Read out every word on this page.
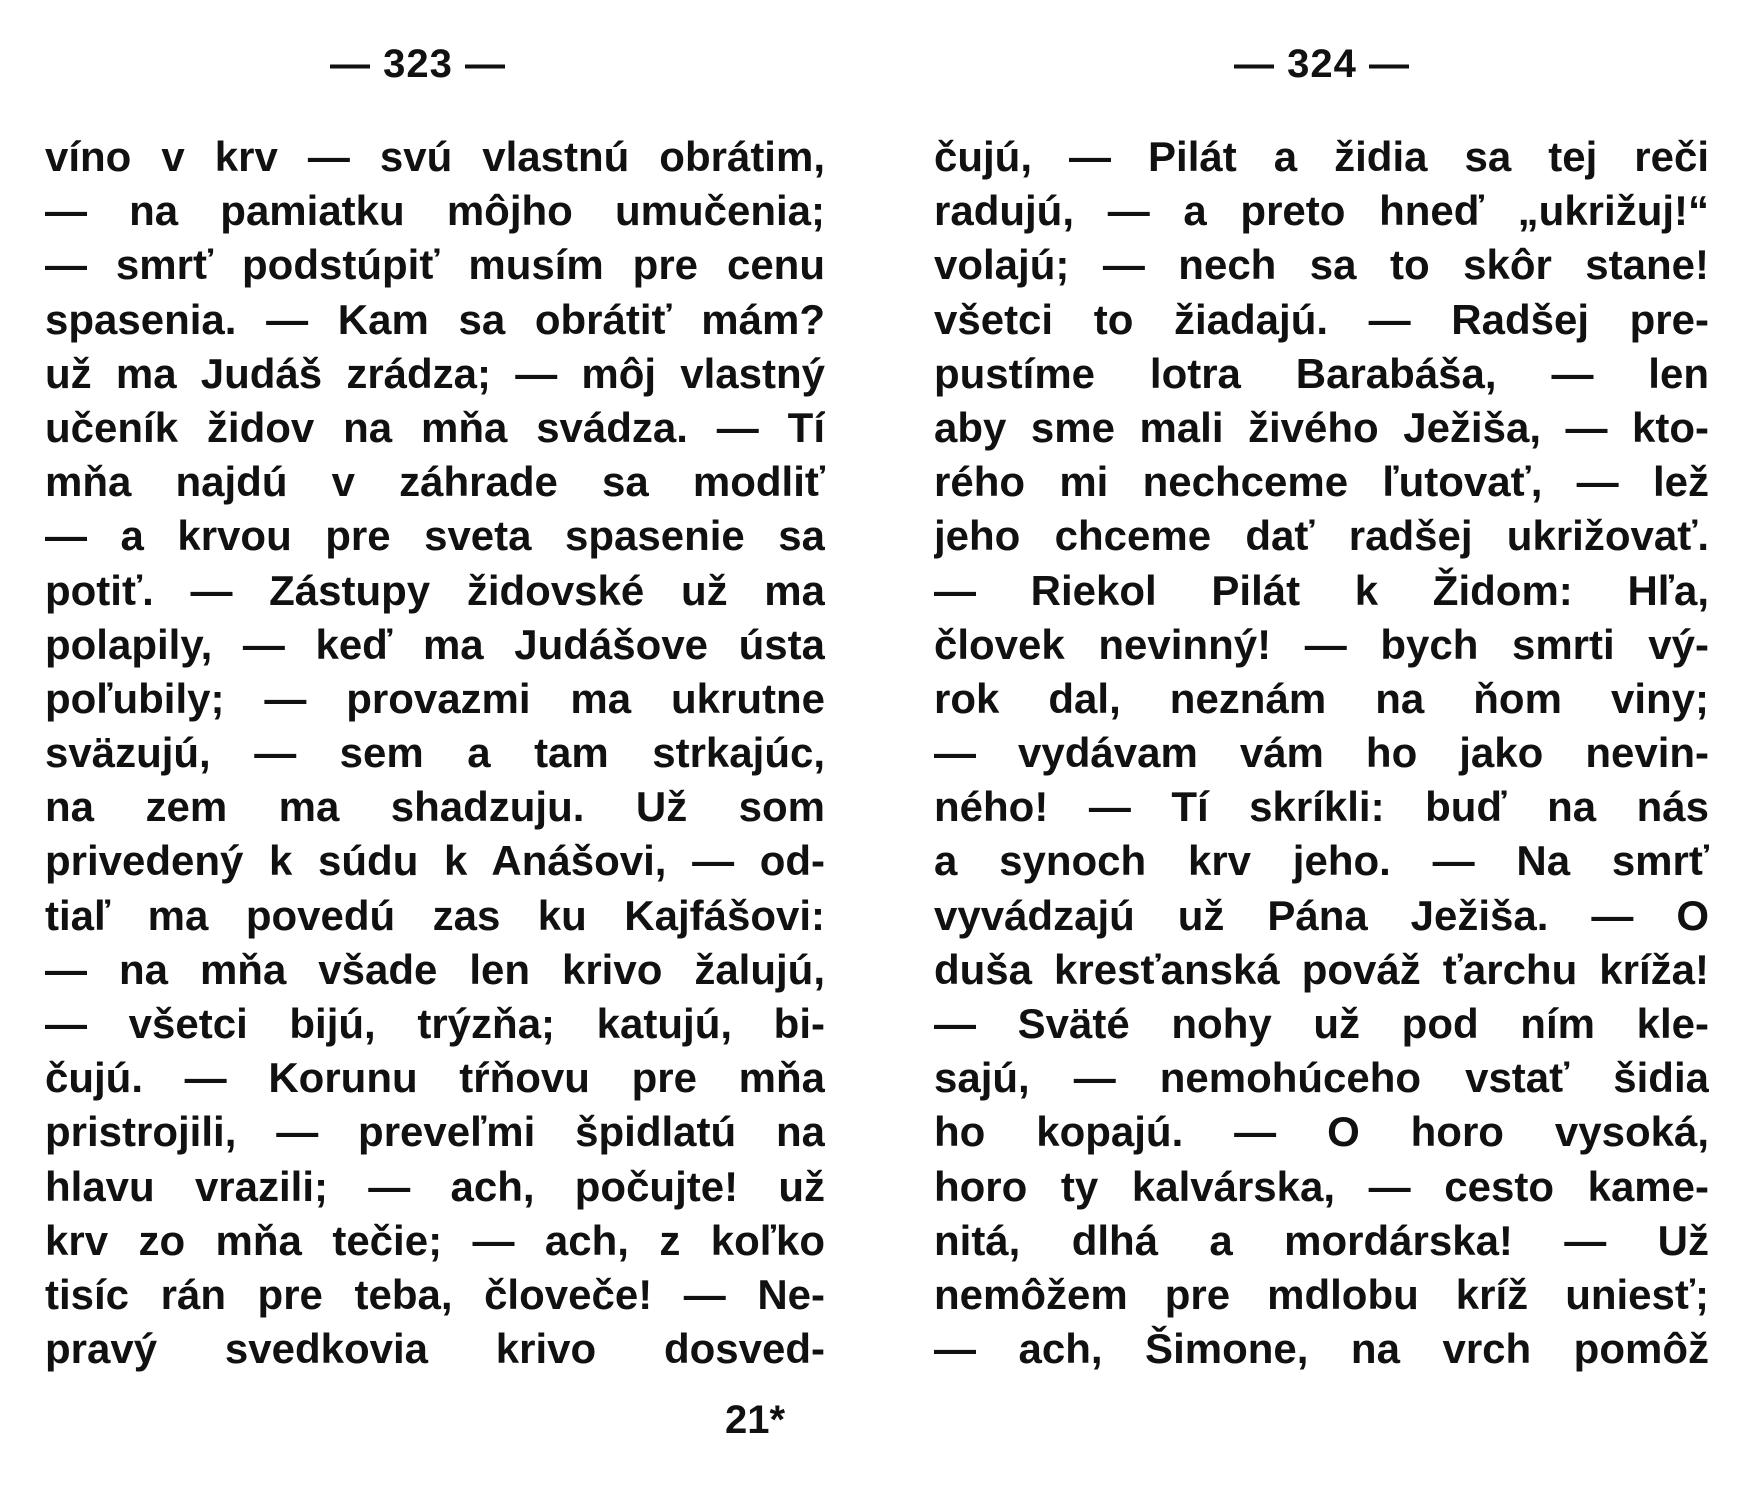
— 323 —
víno v krv — svú vlastnú obrátim,
— na pamiatku môjho umučenia;
— smrť podstúpiť musím pre cenu
spasenia. — Kam sa obrátiť mám?
už ma Judáš zrádza; — môj vlastný
učeník židov na mňa svádza. — Tí
mňa najdú v záhrade sa modliť
— a krvou pre sveta spasenie sa
potiť. — Zástupy židovské už ma
polapily, — keď ma Judášove ústa
poľubily; — provazmi ma ukrutne
sväzujú, — sem a tam strkajúc,
na zem ma shadzuju. Už som
privedený k súdu k Anášovi, — od-
tiaľ ma povedú zas ku Kajfášovi:
— na mňa všade len krivo žalujú,
— všetci bijú, trýzňa; katujú, bi-
čujú. — Korunu tŕňovu pre mňa
pristrojili, — preveľmi špidlatú na
hlavu vrazili; — ach, počujte! už
krv zo mňa tečie; — ach, z koľko
tisíc rán pre teba, človeče! — Ne-
pravý svedkovia krivo dosved-
21*
— 324 —
čujú, — Pilát a židia sa tej reči
radujú, — a preto hneď „ukrižuj!“
volajú; — nech sa to skôr stane!
všetci to žiadajú. — Radšej pre-
pustíme lotra Barabáša, — len
aby sme mali živého Ježiša, — kto-
rého mi nechceme ľutovať, — lež
jeho chceme dať radšej ukrižovať.
— Riekol Pilát k Židom: Hľa,
človek nevinný! — bych smrti vý-
rok dal, neznám na ňom viny;
— vydávam vám ho jako nevin-
ného! — Tí skríkli: buď na nás
a synoch krv jeho. — Na smrť
vyvádzajú už Pána Ježiša. — O
duša kresťanská pováž ťarchu kríža!
— Sväté nohy už pod ním kle-
sajú, — nemohúceho vstať šidia
ho kopajú. — O horo vysoká,
horo ty kalvárska, — cesto kame-
nitá, dlhá a mordárska! — Už
nemôžem pre mdlobu kríž uniesť;
— ach, Šimone, na vrch pomôž
